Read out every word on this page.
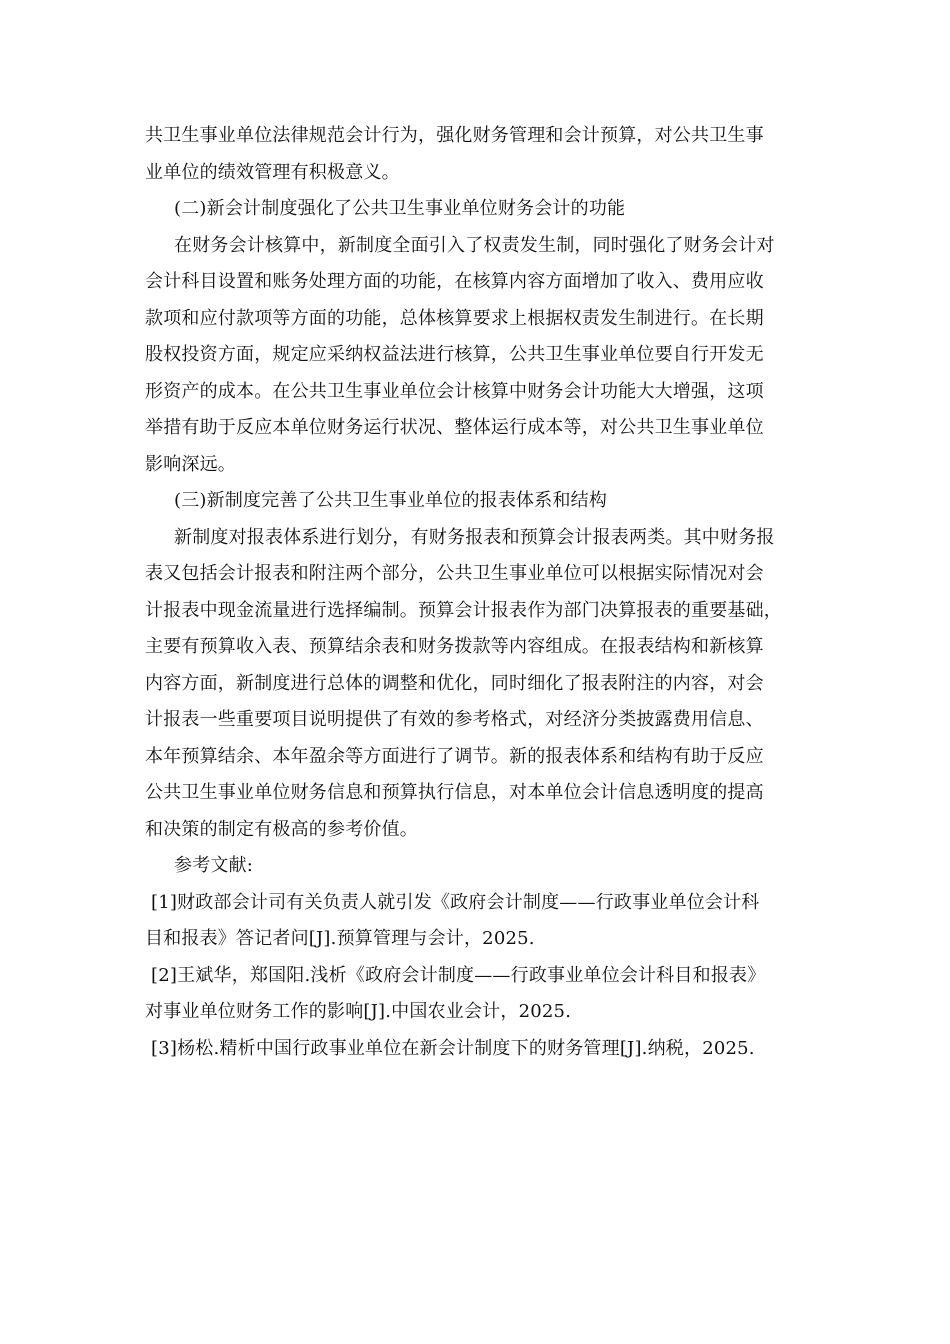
共卫生事业单位法律规范会计行为，强化财务管理和会计预算，对公共卫生事
业单位的绩效管理有积极意义。
(二)新会计制度强化了公共卫生事业单位财务会计的功能
在财务会计核算中，新制度全面引入了权责发生制，同时强化了财务会计对
会计科目设置和账务处理方面的功能，在核算内容方面增加了收入、费用应收
款项和应付款项等方面的功能，总体核算要求上根据权责发生制进行。在长期
股权投资方面，规定应采纳权益法进行核算，公共卫生事业单位要自行开发无
形资产的成本。在公共卫生事业单位会计核算中财务会计功能大大增强，这项
举措有助于反应本单位财务运行状况、整体运行成本等，对公共卫生事业单位
影响深远。
(三)新制度完善了公共卫生事业单位的报表体系和结构
新制度对报表体系进行划分，有财务报表和预算会计报表两类。其中财务报
表又包括会计报表和附注两个部分，公共卫生事业单位可以根据实际情况对会
计报表中现金流量进行选择编制。预算会计报表作为部门决算报表的重要基础，
主要有预算收入表、预算结余表和财务拨款等内容组成。在报表结构和新核算
内容方面，新制度进行总体的调整和优化，同时细化了报表附注的内容，对会
计报表一些重要项目说明提供了有效的参考格式，对经济分类披露费用信息、
本年预算结余、本年盈余等方面进行了调节。新的报表体系和结构有助于反应
公共卫生事业单位财务信息和预算执行信息，对本单位会计信息透明度的提高
和决策的制定有极高的参考价值。
参考文献:
[1]财政部会计司有关负责人就引发《政府会计制度——行政事业单位会计科
目和报表》答记者问[J].预算管理与会计，2025.
[2]王斌华，郑国阳.浅析《政府会计制度——行政事业单位会计科目和报表》
对事业单位财务工作的影响[J].中国农业会计，2025.
[3]杨松.精析中国行政事业单位在新会计制度下的财务管理[J].纳税，2025.
